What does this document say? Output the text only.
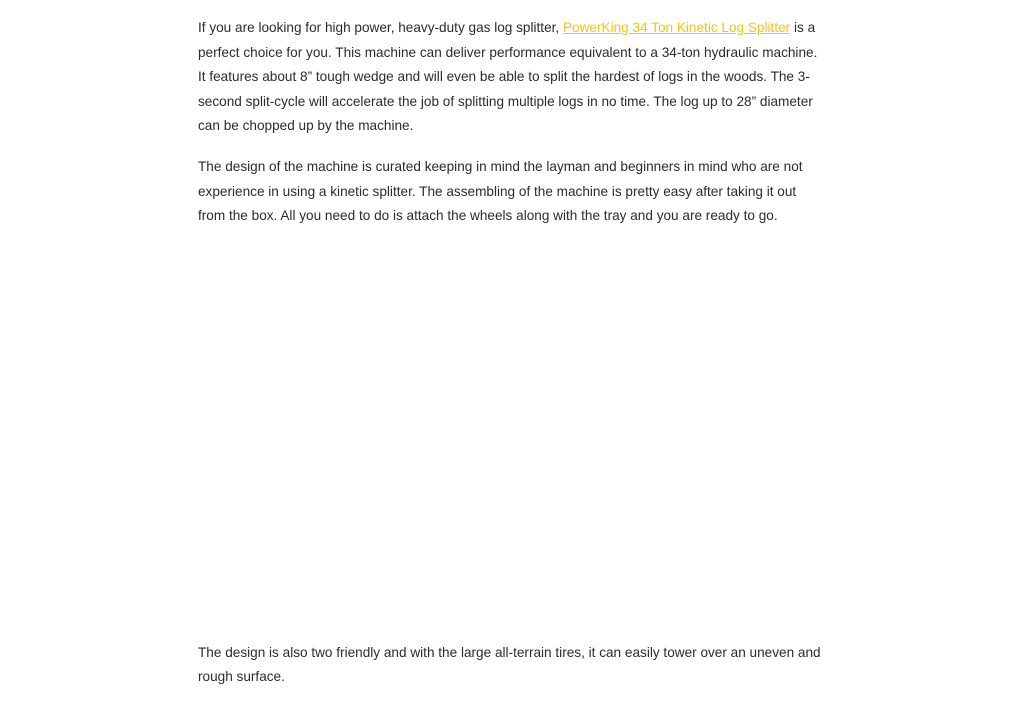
If you are looking for high power, heavy-duty gas log splitter, PowerKing 34 Ton Kinetic Log Splitter is a perfect choice for you. This machine can deliver performance equivalent to a 34-ton hydraulic machine. It features about 8” tough wedge and will even be able to split the hardest of logs in the woods. The 3-second split-cycle will accelerate the job of splitting multiple logs in no time. The log up to 28” diameter can be chopped up by the machine.

The design of the machine is curated keeping in mind the layman and beginners in mind who are not experience in using a kinetic splitter. The assembling of the machine is pretty easy after taking it out from the box. All you need to do is attach the wheels along with the tray and you are ready to go.

The design is also two friendly and with the large all-terrain tires, it can easily tower over an uneven and rough surface.
